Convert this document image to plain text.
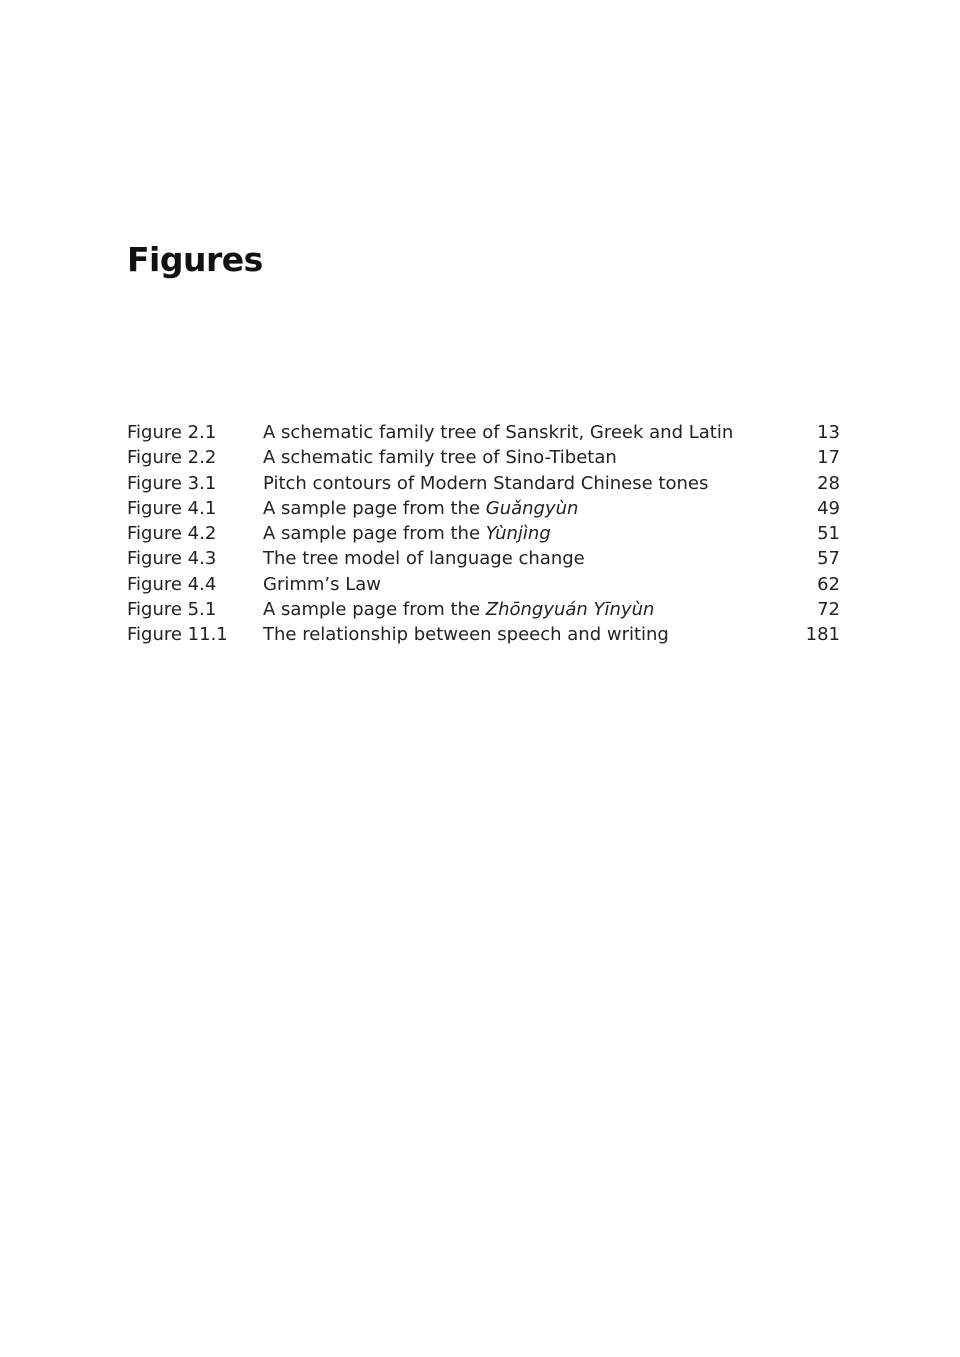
Figures
Figure 2.1	A schematic family tree of Sanskrit, Greek and Latin	13
Figure 2.2	A schematic family tree of Sino-Tibetan	17
Figure 3.1	Pitch contours of Modern Standard Chinese tones	28
Figure 4.1	A sample page from the Guǎngyùn	49
Figure 4.2	A sample page from the Yùnjìng	51
Figure 4.3	The tree model of language change	57
Figure 4.4	Grimm’s Law	62
Figure 5.1	A sample page from the Zhōngyuán Yīnyùn	72
Figure 11.1 The relationship between speech and writing	181
